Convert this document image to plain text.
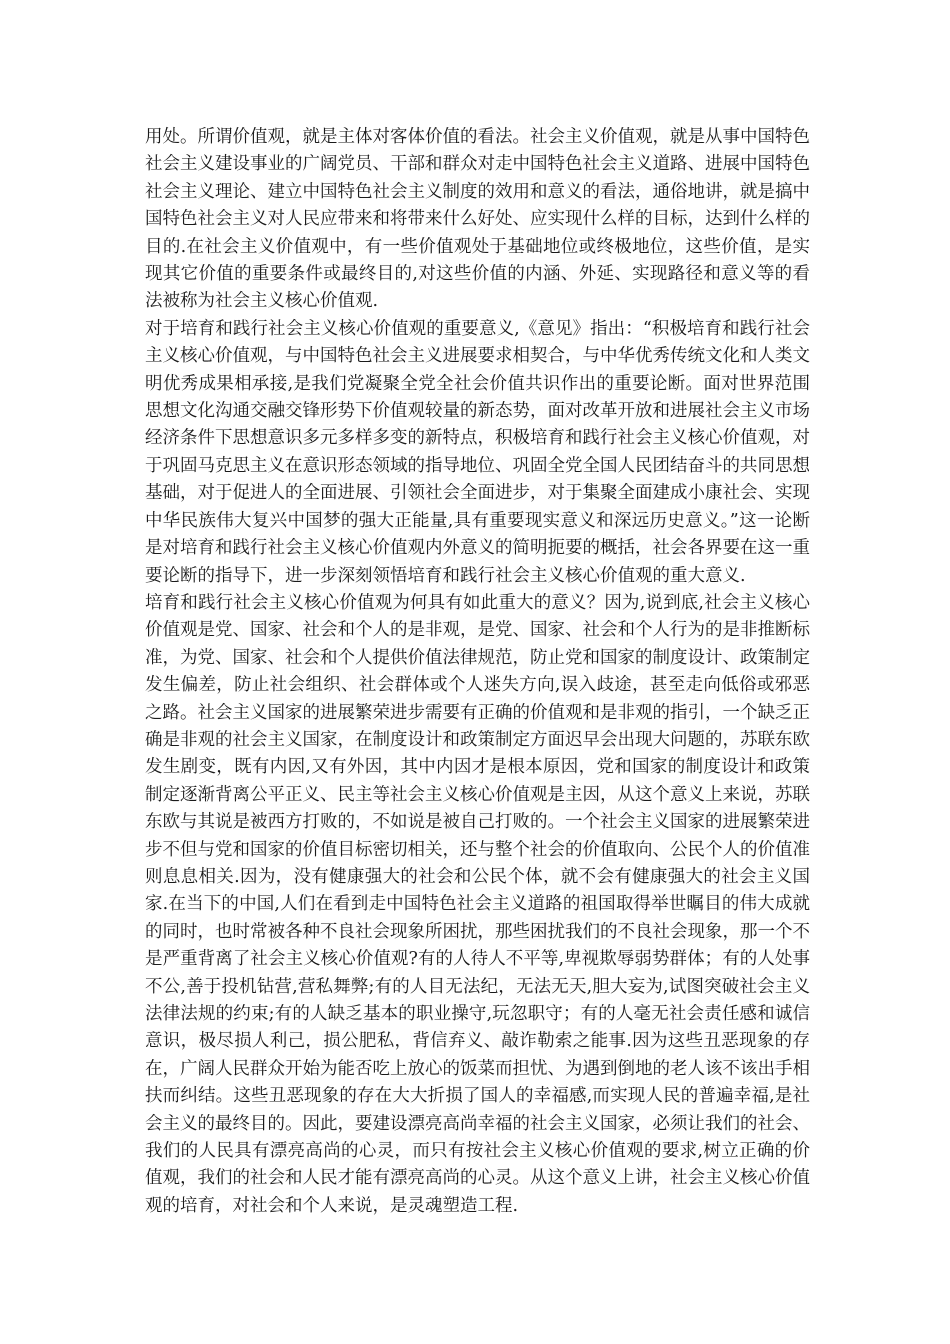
用处。所谓价值观，就是主体对客体价值的看法。社会主义价值观，就是从事中国特色社会主义建设事业的广阔党员、干部和群众对走中国特色社会主义道路、进展中国特色社会主义理论、建立中国特色社会主义制度的效用和意义的看法，通俗地讲，就是搞中国特色社会主义对人民应带来和将带来什么好处、应实现什么样的目标，达到什么样的目的.在社会主义价值观中，有一些价值观处于基础地位或终极地位，这些价值，是实现其它价值的重要条件或最终目的,对这些价值的内涵、外延、实现路径和意义等的看法被称为社会主义核心价值观.

对于培育和践行社会主义核心价值观的重要意义,《意见》指出：“积极培育和践行社会主义核心价值观，与中国特色社会主义进展要求相契合，与中华优秀传统文化和人类文明优秀成果相承接,是我们党凝聚全党全社会价值共识作出的重要论断。面对世界范围思想文化沟通交融交锋形势下价值观较量的新态势，面对改革开放和进展社会主义市场经济条件下思想意识多元多样多变的新特点，积极培育和践行社会主义核心价值观，对于巩固马克思主义在意识形态领域的指导地位、巩固全党全国人民团结奋斗的共同思想基础，对于促进人的全面进展、引领社会全面进步，对于集聚全面建成小康社会、实现中华民族伟大复兴中国梦的强大正能量,具有重要现实意义和深远历史意义。”这一论断是对培育和践行社会主义核心价值观内外意义的简明扼要的概括，社会各界要在这一重要论断的指导下，进一步深刻领悟培育和践行社会主义核心价值观的重大意义.

培育和践行社会主义核心价值观为何具有如此重大的意义？因为,说到底,社会主义核心价值观是党、国家、社会和个人的是非观，是党、国家、社会和个人行为的是非推断标准，为党、国家、社会和个人提供价值法律规范，防止党和国家的制度设计、政策制定发生偏差，防止社会组织、社会群体或个人迷失方向,误入歧途，甚至走向低俗或邪恶之路。社会主义国家的进展繁荣进步需要有正确的价值观和是非观的指引，一个缺乏正确是非观的社会主义国家，在制度设计和政策制定方面迟早会出现大问题的，苏联东欧发生剧变，既有内因,又有外因，其中内因才是根本原因，党和国家的制度设计和政策制定逐渐背离公平正义、民主等社会主义核心价值观是主因，从这个意义上来说，苏联东欧与其说是被西方打败的，不如说是被自己打败的。一个社会主义国家的进展繁荣进步不但与党和国家的价值目标密切相关，还与整个社会的价值取向、公民个人的价值准则息息相关.因为，没有健康强大的社会和公民个体，就不会有健康强大的社会主义国家.在当下的中国,人们在看到走中国特色社会主义道路的祖国取得举世瞩目的伟大成就的同时，也时常被各种不良社会现象所困扰，那些困扰我们的不良社会现象，那一个不是严重背离了社会主义核心价值观?有的人待人不平等,卑视欺辱弱势群体；有的人处事不公,善于投机钻营,营私舞弊;有的人目无法纪，无法无天,胆大妄为,试图突破社会主义法律法规的约束;有的人缺乏基本的职业操守,玩忽职守；有的人毫无社会责任感和诚信意识，极尽损人利己，损公肥私，背信弃义、敲诈勒索之能事.因为这些丑恶现象的存在，广阔人民群众开始为能否吃上放心的饭菜而担忧、为遇到倒地的老人该不该出手相扶而纠结。这些丑恶现象的存在大大折损了国人的幸福感,而实现人民的普遍幸福,是社会主义的最终目的。因此，要建设漂亮高尚幸福的社会主义国家，必须让我们的社会、我们的人民具有漂亮高尚的心灵，而只有按社会主义核心价值观的要求,树立正确的价值观，我们的社会和人民才能有漂亮高尚的心灵。从这个意义上讲，社会主义核心价值观的培育，对社会和个人来说，是灵魂塑造工程.
